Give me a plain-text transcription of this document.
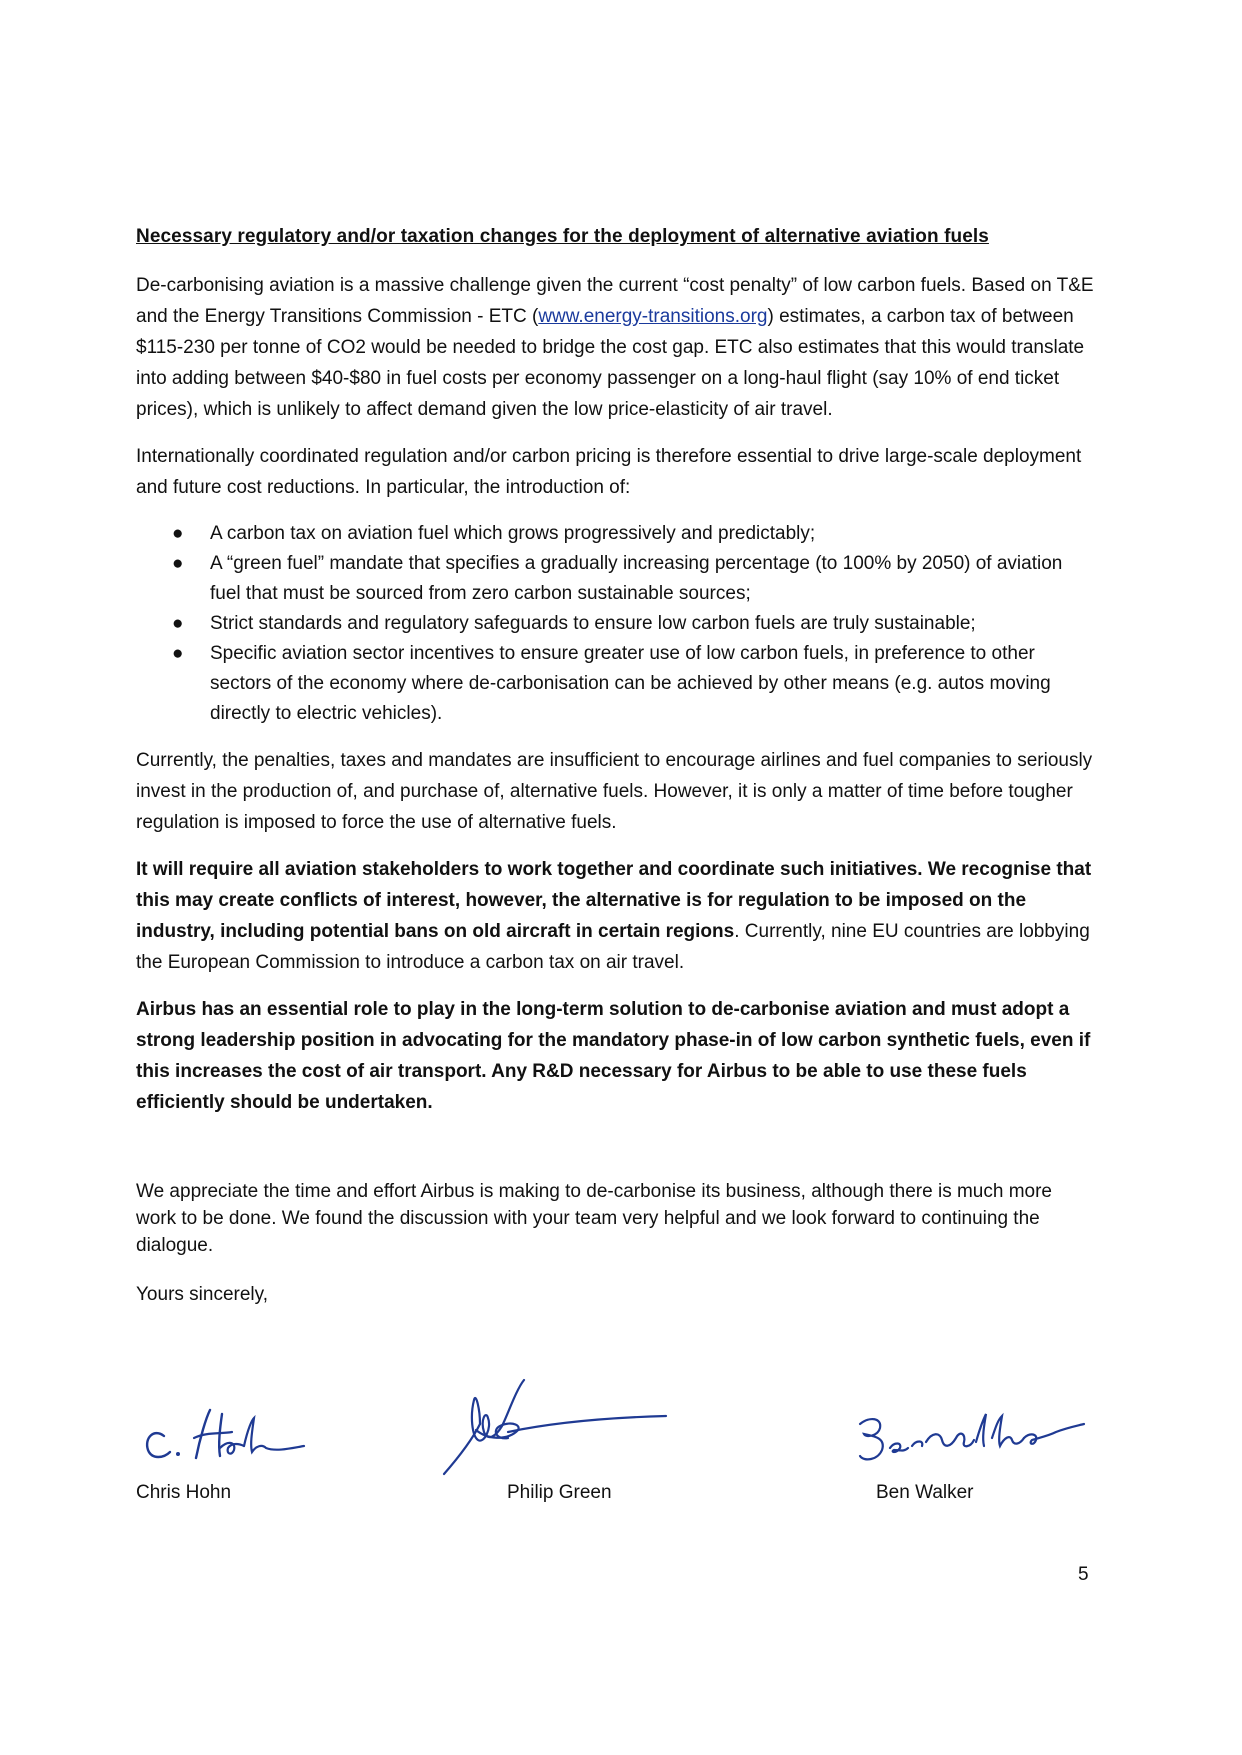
Necessary regulatory and/or taxation changes for the deployment of alternative aviation fuels

De-carbonising aviation is a massive challenge given the current “cost penalty” of low carbon fuels. Based on T&E and the Energy Transitions Commission - ETC (www.energy-transitions.org) estimates, a carbon tax of between $115-230 per tonne of CO2 would be needed to bridge the cost gap. ETC also estimates that this would translate into adding between $40-$80 in fuel costs per economy passenger on a long-haul flight (say 10% of end ticket prices), which is unlikely to affect demand given the low price-elasticity of air travel.

Internationally coordinated regulation and/or carbon pricing is therefore essential to drive large-scale deployment and future cost reductions. In particular, the introduction of:

● A carbon tax on aviation fuel which grows progressively and predictably;
● A “green fuel” mandate that specifies a gradually increasing percentage (to 100% by 2050) of aviation fuel that must be sourced from zero carbon sustainable sources;
● Strict standards and regulatory safeguards to ensure low carbon fuels are truly sustainable;
● Specific aviation sector incentives to ensure greater use of low carbon fuels, in preference to other sectors of the economy where de-carbonisation can be achieved by other means (e.g. autos moving directly to electric vehicles).

Currently, the penalties, taxes and mandates are insufficient to encourage airlines and fuel companies to seriously invest in the production of, and purchase of, alternative fuels. However, it is only a matter of time before tougher regulation is imposed to force the use of alternative fuels.

It will require all aviation stakeholders to work together and coordinate such initiatives. We recognise that this may create conflicts of interest, however, the alternative is for regulation to be imposed on the industry, including potential bans on old aircraft in certain regions. Currently, nine EU countries are lobbying the European Commission to introduce a carbon tax on air travel.

Airbus has an essential role to play in the long-term solution to de-carbonise aviation and must adopt a strong leadership position in advocating for the mandatory phase-in of low carbon synthetic fuels, even if this increases the cost of air transport. Any R&D necessary for Airbus to be able to use these fuels efficiently should be undertaken.

We appreciate the time and effort Airbus is making to de-carbonise its business, although there is much more work to be done. We found the discussion with your team very helpful and we look forward to continuing the dialogue.

Yours sincerely,

Chris Hohn	Philip Green	Ben Walker
5
